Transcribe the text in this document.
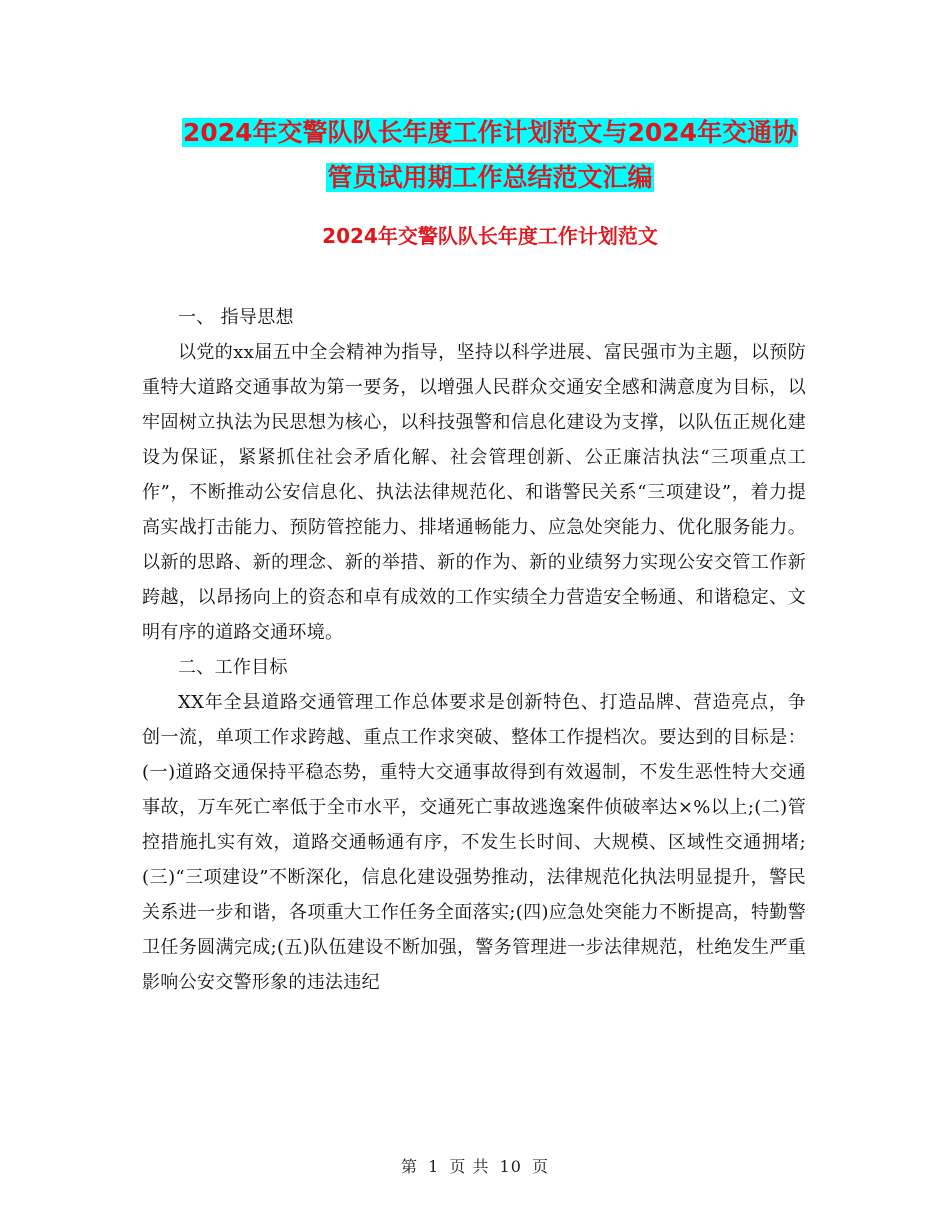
2024年交警队队长年度工作计划范文与2024年交通协
管员试用期工作总结范文汇编
2024年交警队队长年度工作计划范文

一、 指导思想

以党的xx届五中全会精神为指导，坚持以科学进展、富民强市为主题，以预防重特大道路交通事故为第一要务，以增强人民群众交通安全感和满意度为目标，以牢固树立执法为民思想为核心，以科技强警和信息化建设为支撑，以队伍正规化建设为保证，紧紧抓住社会矛盾化解、社会管理创新、公正廉洁执法“三项重点工作”，不断推动公安信息化、执法法律规范化、和谐警民关系“三项建设”，着力提高实战打击能力、预防管控能力、排堵通畅能力、应急处突能力、优化服务能力。以新的思路、新的理念、新的举措、新的作为、新的业绩努力实现公安交管工作新跨越，以昂扬向上的资态和卓有成效的工作实绩全力营造安全畅通、和谐稳定、文明有序的道路交通环境。

二、工作目标

XX年全县道路交通管理工作总体要求是创新特色、打造品牌、营造亮点，争创一流，单项工作求跨越、重点工作求突破、整体工作提档次。要达到的目标是：(一)道路交通保持平稳态势，重特大交通事故得到有效遏制，不发生恶性特大交通事故，万车死亡率低于全市水平，交通死亡事故逃逸案件侦破率达×%以上;(二)管控措施扎实有效，道路交通畅通有序，不发生长时间、大规模、区域性交通拥堵;(三)“三项建设”不断深化，信息化建设强势推动，法律规范化执法明显提升，警民关系进一步和谐，各项重大工作任务全面落实;(四)应急处突能力不断提高，特勤警卫任务圆满完成;(五)队伍建设不断加强，警务管理进一步法律规范，杜绝发生严重影响公安交警形象的违法违纪

第 1 页 共 10 页
